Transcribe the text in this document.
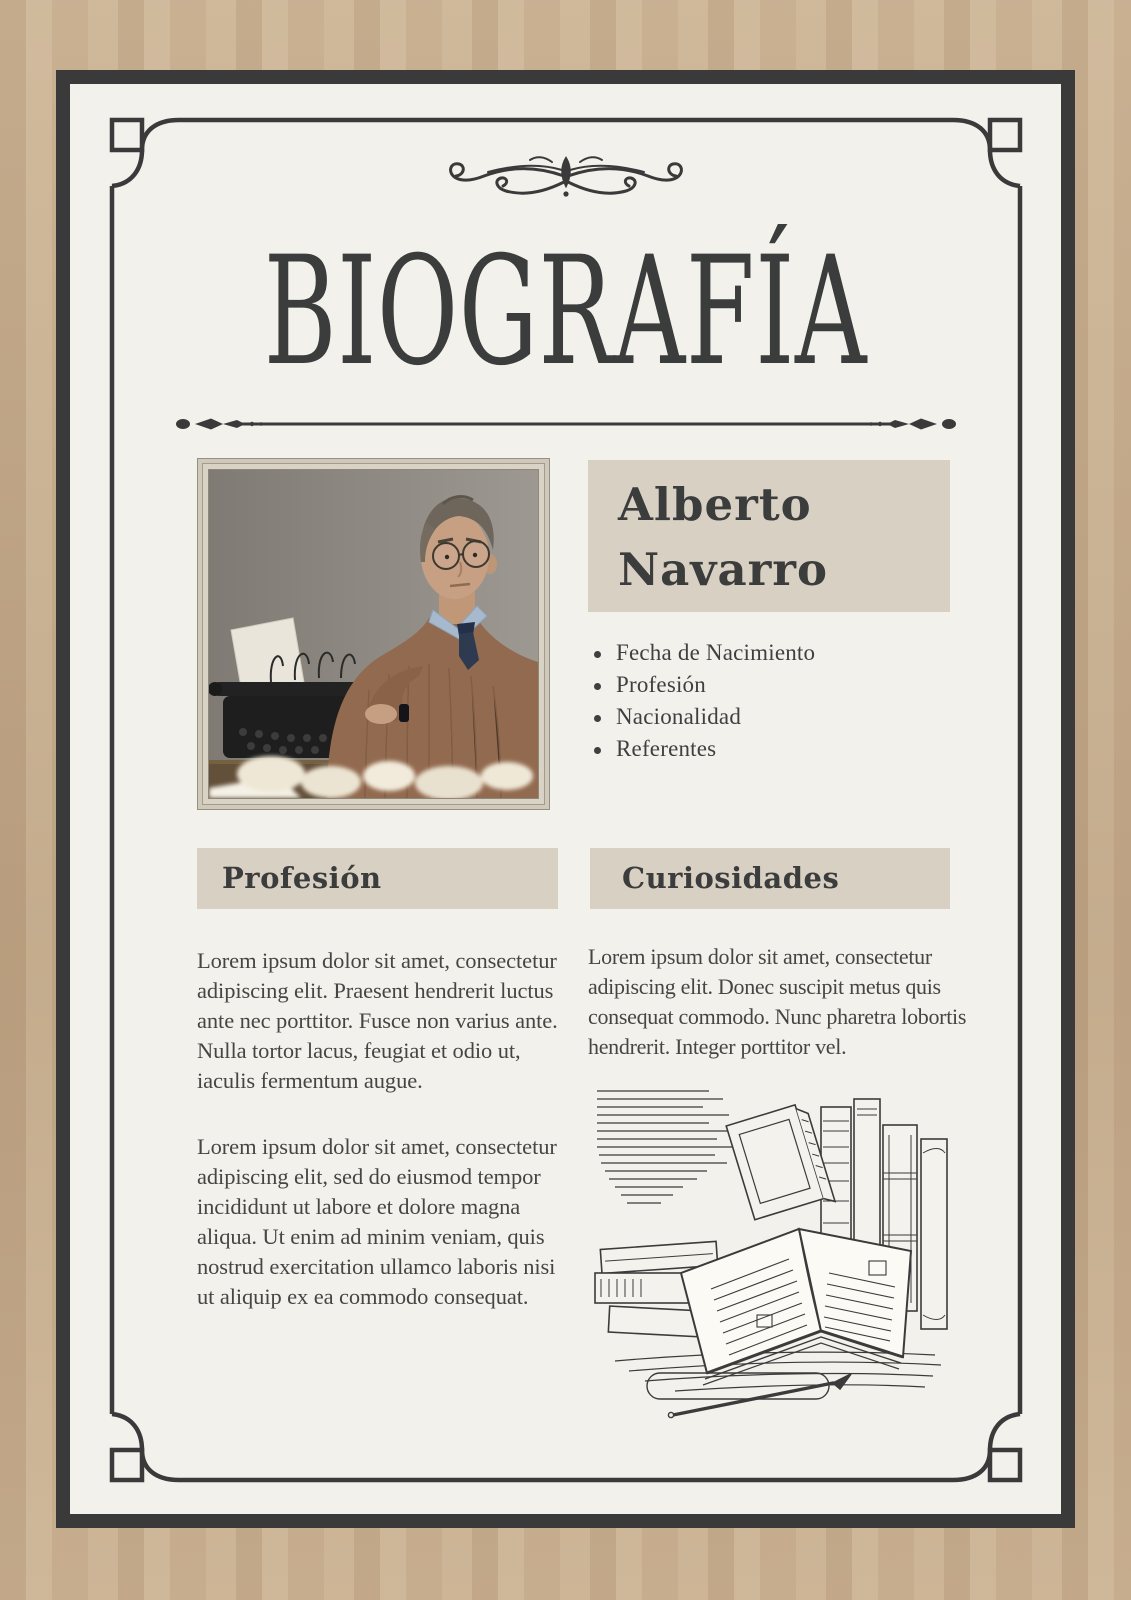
BIOGRAFÍA
Alberto
Navarro
Fecha de Nacimiento
Profesión
Nacionalidad
Referentes
Profesión	Curiosidades

Lorem ipsum dolor sit amet, consectetur adipiscing elit. Praesent hendrerit luctus ante nec porttitor. Fusce non varius ante. Nulla tortor lacus, feugiat et odio ut, iaculis fermentum augue.

Lorem ipsum dolor sit amet, consectetur adipiscing elit, sed do eiusmod tempor incididunt ut labore et dolore magna aliqua. Ut enim ad minim veniam, quis nostrud exercitation ullamco laboris nisi ut aliquip ex ea commodo consequat.

Lorem ipsum dolor sit amet, consectetur adipiscing elit. Donec suscipit metus quis consequat commodo. Nunc pharetra lobortis hendrerit. Integer porttitor vel.
